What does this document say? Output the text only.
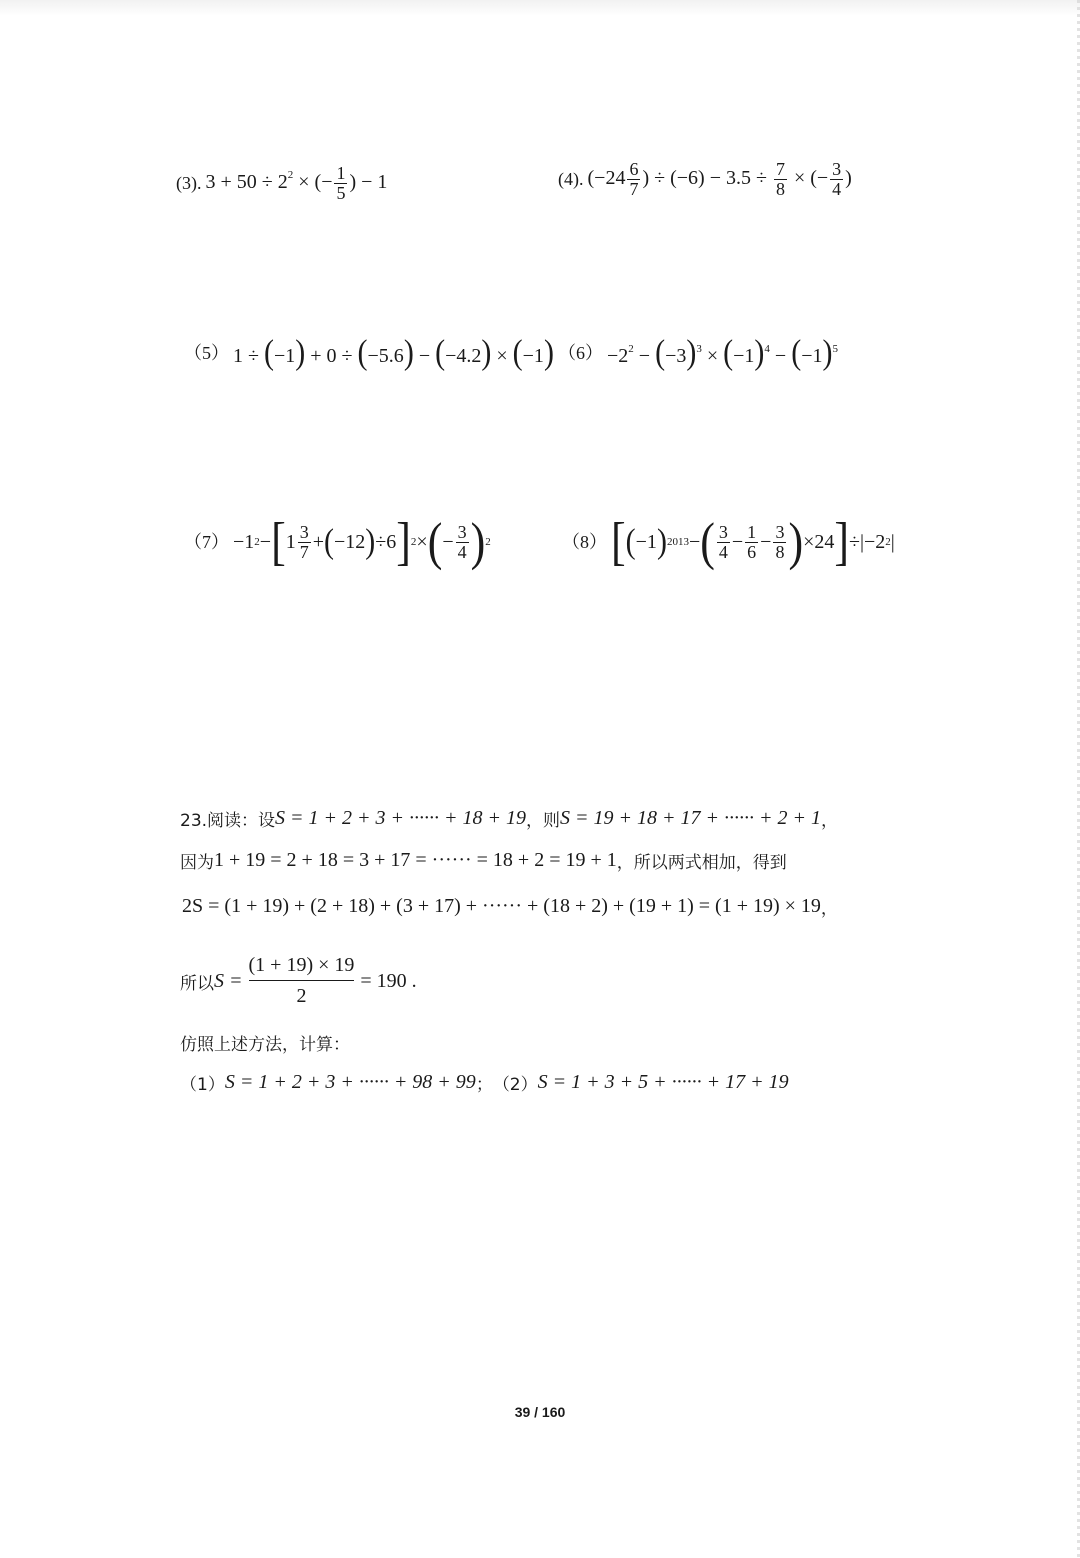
(3). $3 + 50 \div 2^2$ × (− $\frac{1}{5}$ ) − 1	(4). ($-24 \frac{6}{7}$ ) ÷ $(-6) - 3.5 \div \frac{7}{8}$ × (− $\frac{3}{4}$ )
（5） 1 ÷ (−1) + 0 ÷ (−5.6) − (−4.2) × (−1) $(6) -2^2 - (-3)^3 \times (-1)^4 - (-1)^5$
（7） −1 2 − [ $1 \frac{3}{7}$ + ( −12 ) ÷6 ] 2 × ( − $\frac{3}{4}$ ) 2	（8） [ ( −1 ) 2013 − ( $\frac{3}{4} - \frac{1}{6} - \frac{3}{8}$ ) ×24 ] ÷|−2 2 |
23.阅读：设 S = 1 + 2 + 3 + ······ + 18 + 19 ，则 S = 19 + 18 + 17 + ······ + 2 + 1 ，
因为 1 + 19 = 2 + 18 = 3 + 17 = ······ = 18 + 2 = 19 + 1 ，所以两式相加，得到
2S = (1 + 19) + (2 + 18) + (3 + 17) + ······ + (18 + 2) + (19 + 1) = (1 + 19) × 19 ，
所以 $S = \frac{(1 + 19) \times 19}{2} = 190$ .
仿照上述方法，计算：
（1） S = 1 + 2 + 3 + ······ + 98 + 99 ； （2） S = 1 + 3 + 5 + ······ + 17 + 19
39 / 160
